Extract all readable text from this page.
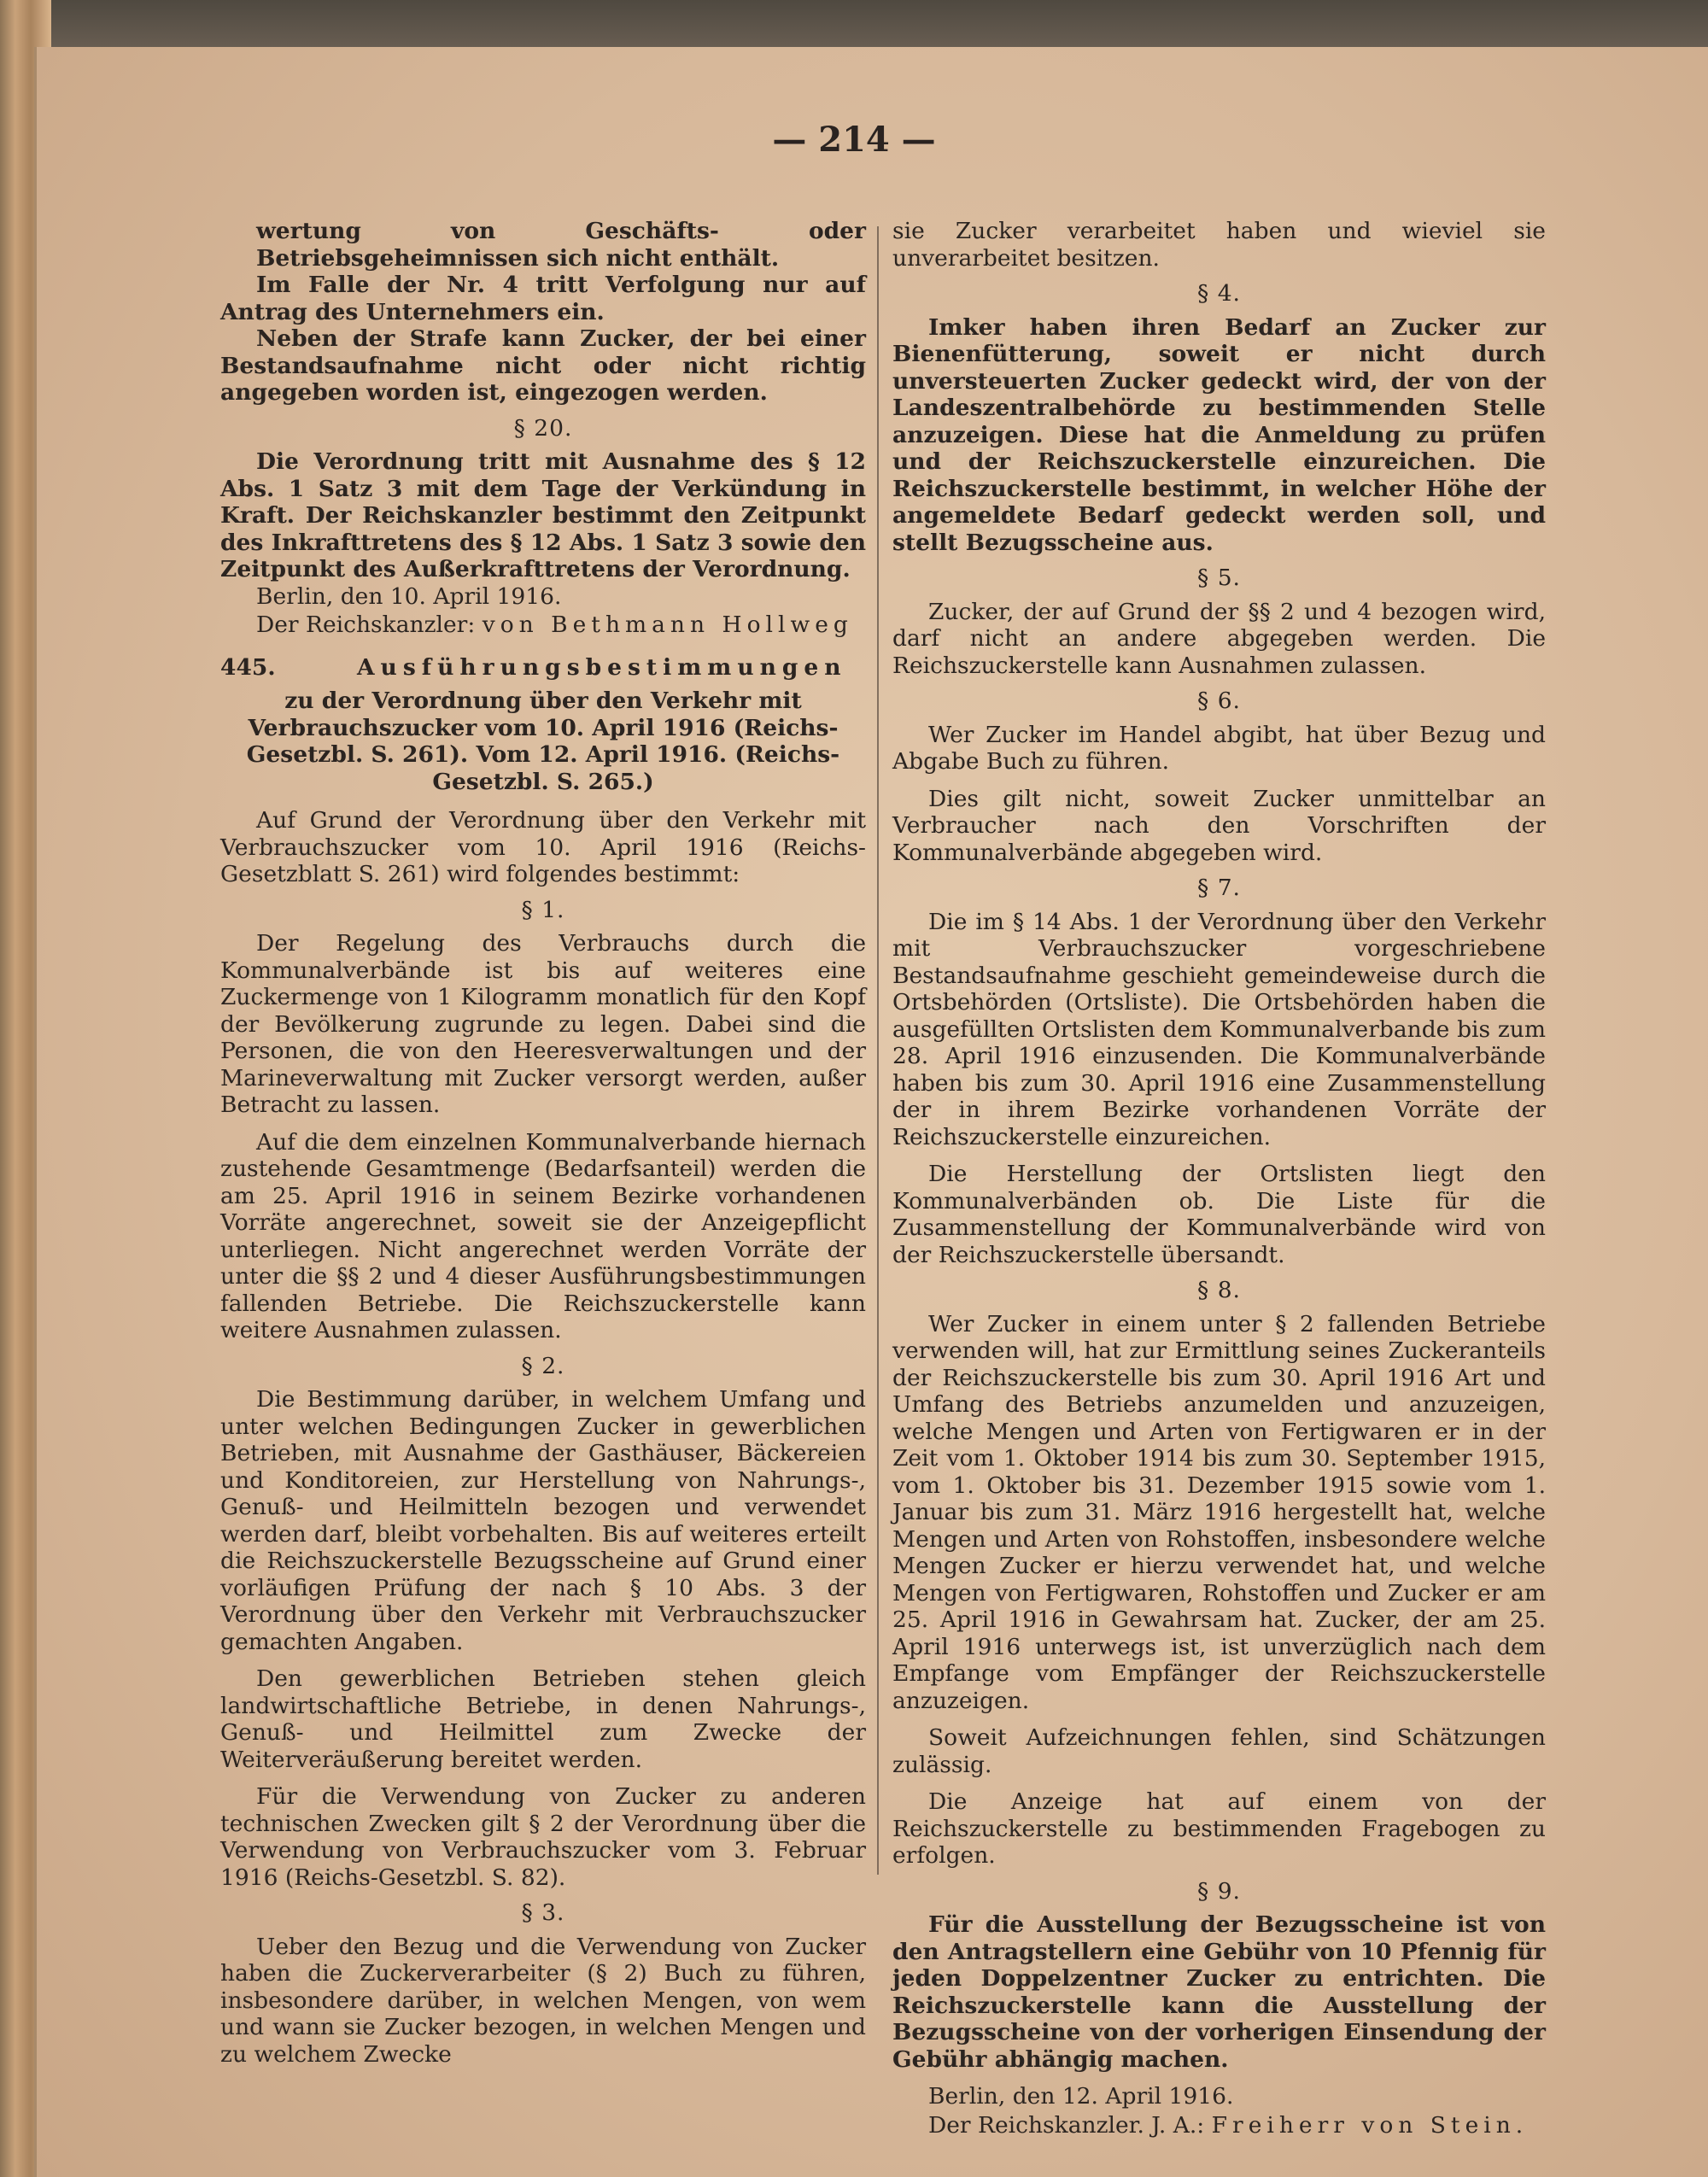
— 214 —

wertung von Geschäfts- oder Betriebsgeheimnissen sich nicht enthält.

Im Falle der Nr. 4 tritt Verfolgung nur auf Antrag des Unternehmers ein.

Neben der Strafe kann Zucker, der bei einer Bestandsaufnahme nicht oder nicht richtig angegeben worden ist, eingezogen werden.

§ 20.

Die Verordnung tritt mit Ausnahme des § 12 Abs. 1 Satz 3 mit dem Tage der Verkündung in Kraft. Der Reichskanzler bestimmt den Zeitpunkt des Inkrafttretens des § 12 Abs. 1 Satz 3 sowie den Zeitpunkt des Außerkrafttretens der Verordnung.

Berlin, den 10. April 1916.

Der Reichskanzler: von Bethmann Hollweg
445.	Ausführungsbestimmungen
zu der Verordnung über den Verkehr mit Verbrauchszucker vom 10. April 1916 (Reichs-Gesetzbl. S. 261). Vom 12. April 1916. (Reichs-Gesetzbl. S. 265.)

Auf Grund der Verordnung über den Verkehr mit Verbrauchszucker vom 10. April 1916 (Reichs-Gesetzblatt S. 261) wird folgendes bestimmt:

§ 1.

Der Regelung des Verbrauchs durch die Kommunalverbände ist bis auf weiteres eine Zuckermenge von 1 Kilogramm monatlich für den Kopf der Bevölkerung zugrunde zu legen. Dabei sind die Personen, die von den Heeresverwaltungen und der Marineverwaltung mit Zucker versorgt werden, außer Betracht zu lassen.

Auf die dem einzelnen Kommunalverbande hiernach zustehende Gesamtmenge (Bedarfsanteil) werden die am 25. April 1916 in seinem Bezirke vorhandenen Vorräte angerechnet, soweit sie der Anzeigepflicht unterliegen. Nicht angerechnet werden Vorräte der unter die §§ 2 und 4 dieser Ausführungsbestimmungen fallenden Betriebe. Die Reichszuckerstelle kann weitere Ausnahmen zulassen.

§ 2.

Die Bestimmung darüber, in welchem Umfang und unter welchen Bedingungen Zucker in gewerblichen Betrieben, mit Ausnahme der Gasthäuser, Bäckereien und Konditoreien, zur Herstellung von Nahrungs-, Genuß- und Heilmitteln bezogen und verwendet werden darf, bleibt vorbehalten. Bis auf weiteres erteilt die Reichszuckerstelle Bezugsscheine auf Grund einer vorläufigen Prüfung der nach § 10 Abs. 3 der Verordnung über den Verkehr mit Verbrauchszucker gemachten Angaben.

Den gewerblichen Betrieben stehen gleich landwirtschaftliche Betriebe, in denen Nahrungs-, Genuß- und Heilmittel zum Zwecke der Weiterveräußerung bereitet werden.

Für die Verwendung von Zucker zu anderen technischen Zwecken gilt § 2 der Verordnung über die Verwendung von Verbrauchszucker vom 3. Februar 1916 (Reichs-Gesetzbl. S. 82).

§ 3.

Ueber den Bezug und die Verwendung von Zucker haben die Zuckerverarbeiter (§ 2) Buch zu führen, insbesondere darüber, in welchen Mengen, von wem und wann sie Zucker bezogen, in welchen Mengen und zu welchem Zwecke

sie Zucker verarbeitet haben und wieviel sie unverarbeitet besitzen.

§ 4.

Imker haben ihren Bedarf an Zucker zur Bienenfütterung, soweit er nicht durch unversteuerten Zucker gedeckt wird, der von der Landeszentralbehörde zu bestimmenden Stelle anzuzeigen. Diese hat die Anmeldung zu prüfen und der Reichszuckerstelle einzureichen. Die Reichszuckerstelle bestimmt, in welcher Höhe der angemeldete Bedarf gedeckt werden soll, und stellt Bezugsscheine aus.

§ 5.

Zucker, der auf Grund der §§ 2 und 4 bezogen wird, darf nicht an andere abgegeben werden. Die Reichszuckerstelle kann Ausnahmen zulassen.

§ 6.

Wer Zucker im Handel abgibt, hat über Bezug und Abgabe Buch zu führen.

Dies gilt nicht, soweit Zucker unmittelbar an Verbraucher nach den Vorschriften der Kommunalverbände abgegeben wird.

§ 7.

Die im § 14 Abs. 1 der Verordnung über den Verkehr mit Verbrauchszucker vorgeschriebene Bestandsaufnahme geschieht gemeindeweise durch die Ortsbehörden (Ortsliste). Die Ortsbehörden haben die ausgefüllten Ortslisten dem Kommunalverbande bis zum 28. April 1916 einzusenden. Die Kommunalverbände haben bis zum 30. April 1916 eine Zusammenstellung der in ihrem Bezirke vorhandenen Vorräte der Reichszuckerstelle einzureichen.

Die Herstellung der Ortslisten liegt den Kommunalverbänden ob. Die Liste für die Zusammenstellung der Kommunalverbände wird von der Reichszuckerstelle übersandt.

§ 8.

Wer Zucker in einem unter § 2 fallenden Betriebe verwenden will, hat zur Ermittlung seines Zuckeranteils der Reichszuckerstelle bis zum 30. April 1916 Art und Umfang des Betriebs anzumelden und anzuzeigen, welche Mengen und Arten von Fertigwaren er in der Zeit vom 1. Oktober 1914 bis zum 30. September 1915, vom 1. Oktober bis 31. Dezember 1915 sowie vom 1. Januar bis zum 31. März 1916 hergestellt hat, welche Mengen und Arten von Rohstoffen, insbesondere welche Mengen Zucker er hierzu verwendet hat, und welche Mengen von Fertigwaren, Rohstoffen und Zucker er am 25. April 1916 in Gewahrsam hat. Zucker, der am 25. April 1916 unterwegs ist, ist unverzüglich nach dem Empfange vom Empfänger der Reichszuckerstelle anzuzeigen.

Soweit Aufzeichnungen fehlen, sind Schätzungen zulässig.

Die Anzeige hat auf einem von der Reichszuckerstelle zu bestimmenden Fragebogen zu erfolgen.

§ 9.

Für die Ausstellung der Bezugsscheine ist von den Antragstellern eine Gebühr von 10 Pfennig für jeden Doppelzentner Zucker zu entrichten. Die Reichszuckerstelle kann die Ausstellung der Bezugsscheine von der vorherigen Einsendung der Gebühr abhängig machen.

Berlin, den 12. April 1916.

Der Reichskanzler. J. A.: Freiherr von Stein.
